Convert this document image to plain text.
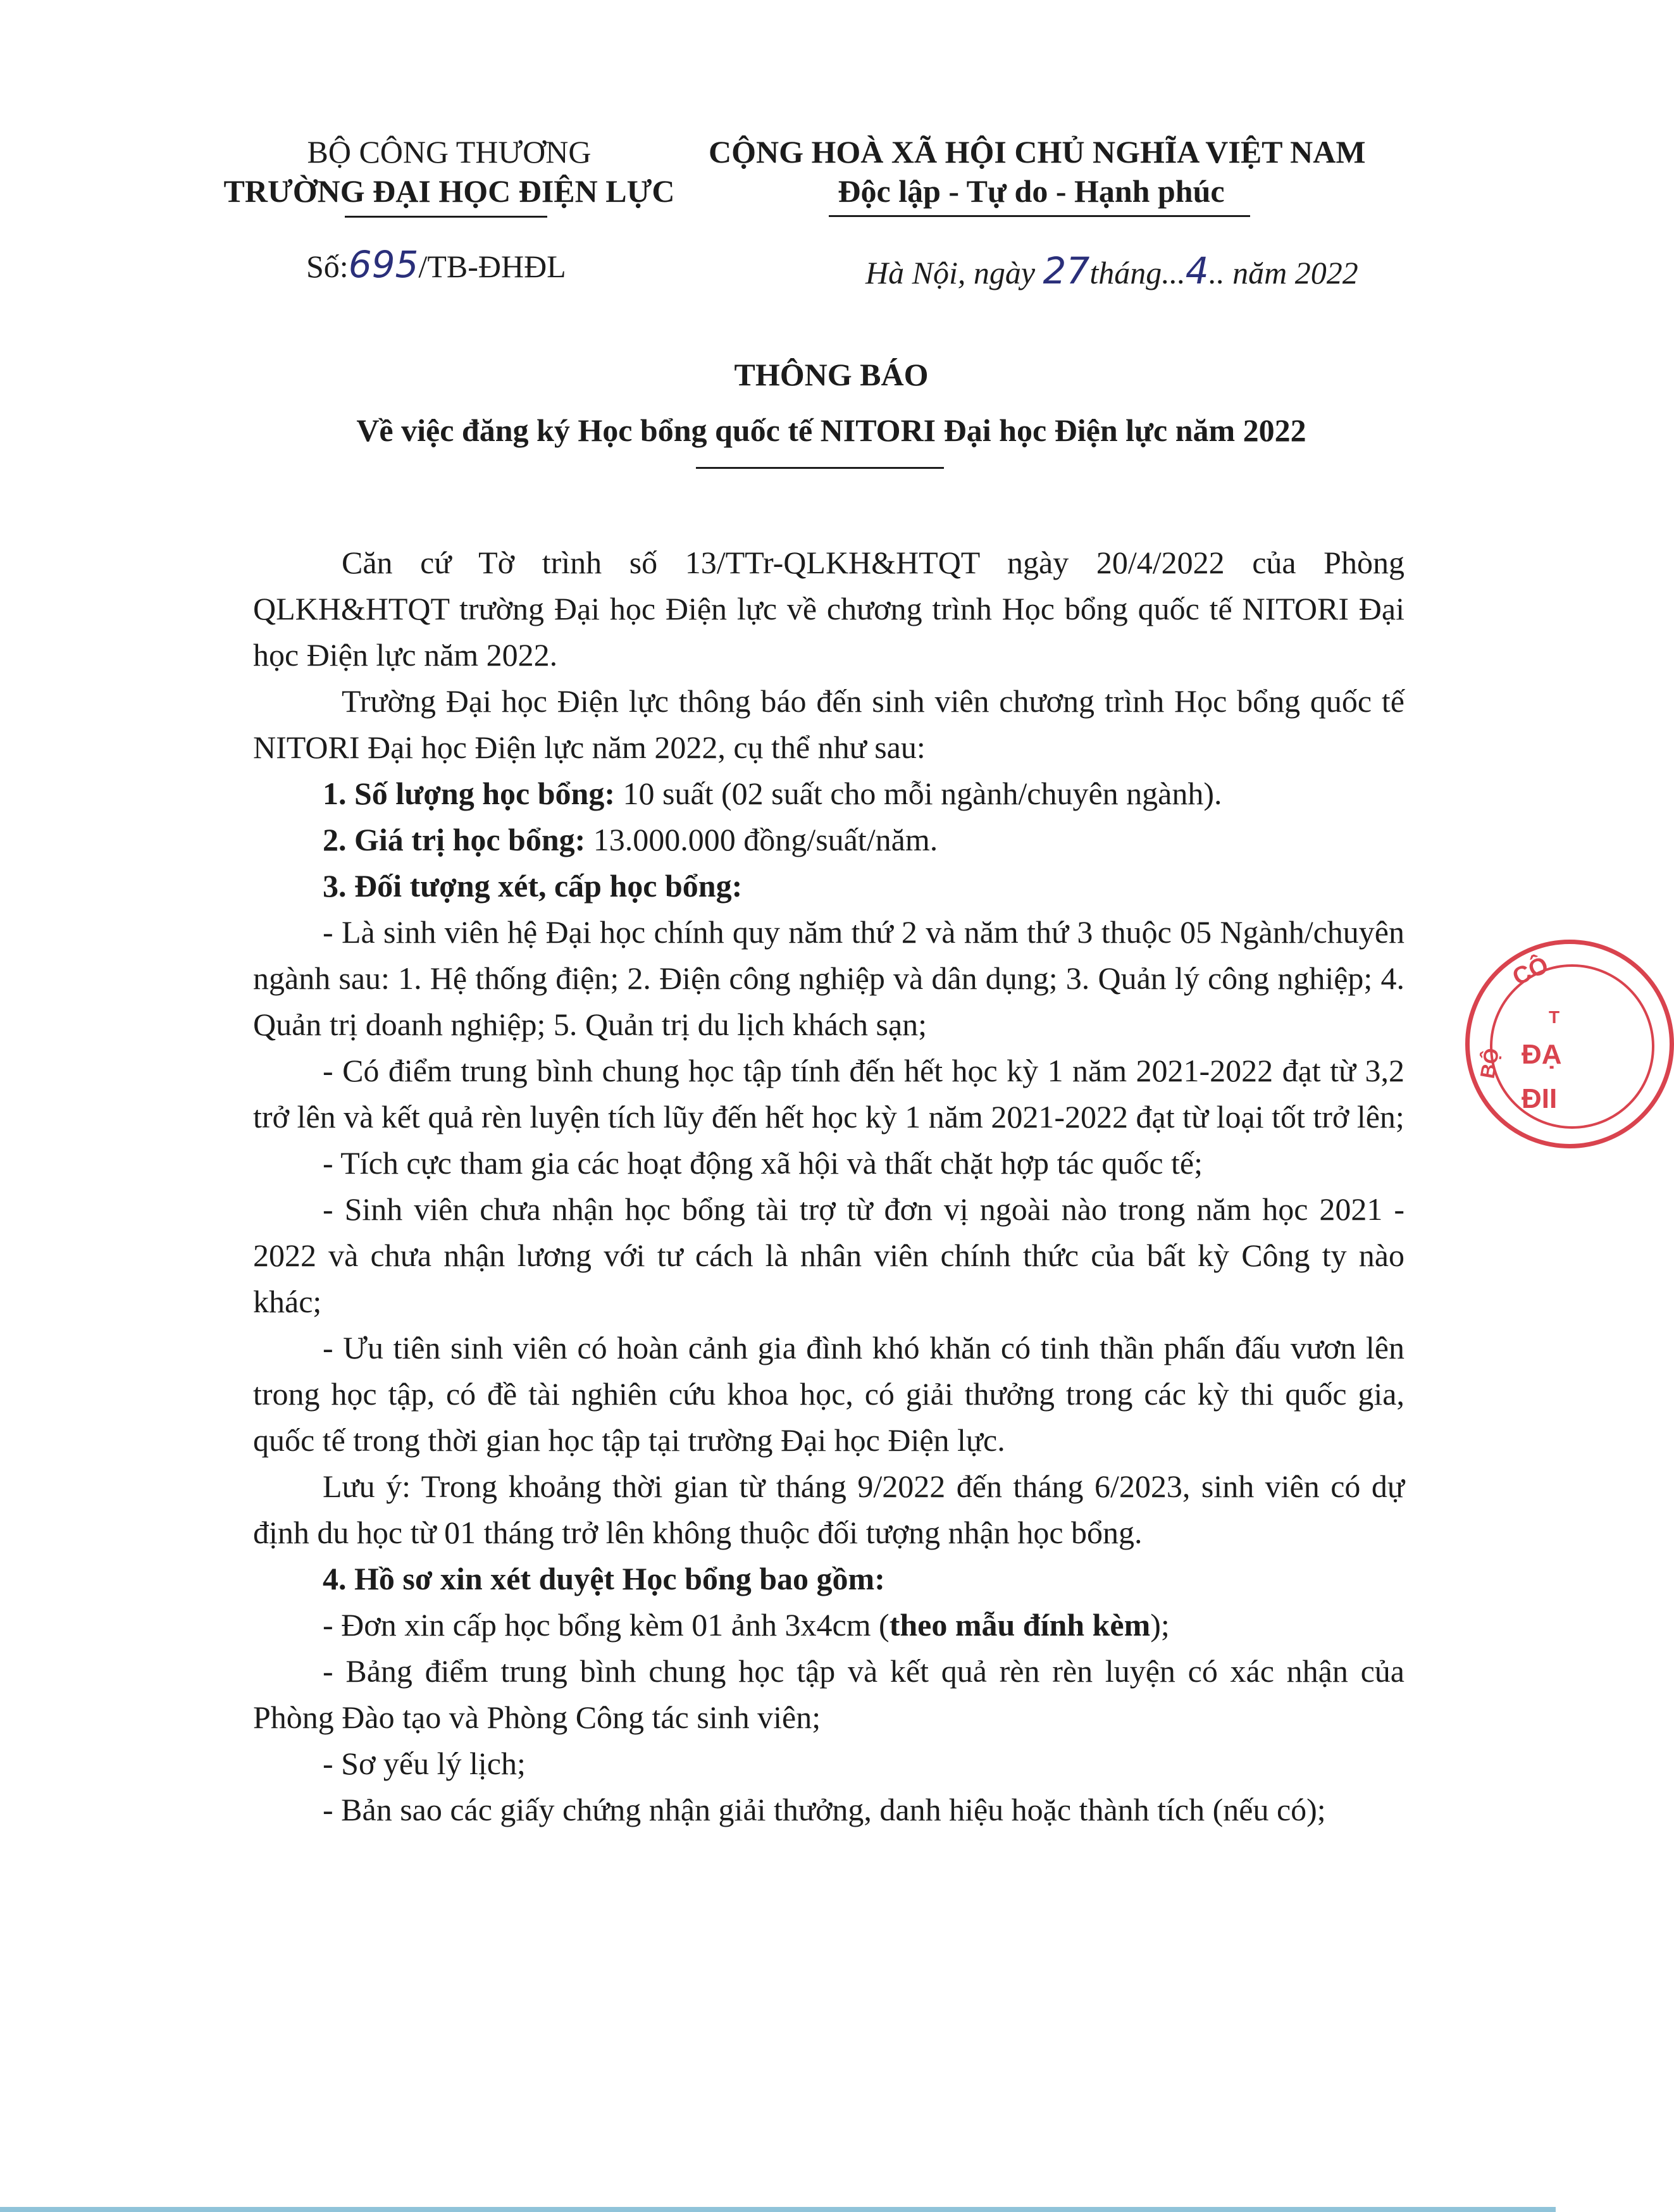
BỘ CÔNG THƯƠNG
TRƯỜNG ĐẠI HỌC ĐIỆN LỰC
Số:695/TB-ĐHĐL
CỘNG HOÀ XÃ HỘI CHỦ NGHĨA VIỆT NAM
Độc lập - Tự do - Hạnh phúc
Hà Nội, ngày 27tháng...4.. năm 2022
THÔNG BÁO
Về việc đăng ký Học bổng quốc tế NITORI Đại học Điện lực năm 2022

Căn cứ Tờ trình số 13/TTr-QLKH&HTQT ngày 20/4/2022 của Phòng QLKH&HTQT trường Đại học Điện lực về chương trình Học bổng quốc tế NITORI Đại học Điện lực năm 2022.

Trường Đại học Điện lực thông báo đến sinh viên chương trình Học bổng quốc tế NITORI Đại học Điện lực năm 2022, cụ thể như sau:

1. Số lượng học bổng: 10 suất (02 suất cho mỗi ngành/chuyên ngành).

2. Giá trị học bổng: 13.000.000 đồng/suất/năm.

3. Đối tượng xét, cấp học bổng:

- Là sinh viên hệ Đại học chính quy năm thứ 2 và năm thứ 3 thuộc 05 Ngành/chuyên ngành sau: 1. Hệ thống điện; 2. Điện công nghiệp và dân dụng; 3. Quản lý công nghiệp; 4. Quản trị doanh nghiệp; 5. Quản trị du lịch khách sạn;

- Có điểm trung bình chung học tập tính đến hết học kỳ 1 năm 2021-2022 đạt từ 3,2 trở lên và kết quả rèn luyện tích lũy đến hết học kỳ 1 năm 2021-2022 đạt từ loại tốt trở lên;

- Tích cực tham gia các hoạt động xã hội và thất chặt hợp tác quốc tế;

- Sinh viên chưa nhận học bổng tài trợ từ đơn vị ngoài nào trong năm học 2021 - 2022 và chưa nhận lương với tư cách là nhân viên chính thức của bất kỳ Công ty nào khác;

- Ưu tiên sinh viên có hoàn cảnh gia đình khó khăn có tinh thần phấn đấu vươn lên trong học tập, có đề tài nghiên cứu khoa học, có giải thưởng trong các kỳ thi quốc gia, quốc tế trong thời gian học tập tại trường Đại học Điện lực.

Lưu ý: Trong khoảng thời gian từ tháng 9/2022 đến tháng 6/2023, sinh viên có dự định du học từ 01 tháng trở lên không thuộc đối tượng nhận học bổng.

4. Hồ sơ xin xét duyệt Học bổng bao gồm:

- Đơn xin cấp học bổng kèm 01 ảnh 3x4cm (theo mẫu đính kèm);

- Bảng điểm trung bình chung học tập và kết quả rèn rèn luyện có xác nhận của Phòng Đào tạo và Phòng Công tác sinh viên;

- Sơ yếu lý lịch;

- Bản sao các giấy chứng nhận giải thưởng, danh hiệu hoặc thành tích (nếu có);

CÔ
T
ĐẠ
ĐII
BỘ
